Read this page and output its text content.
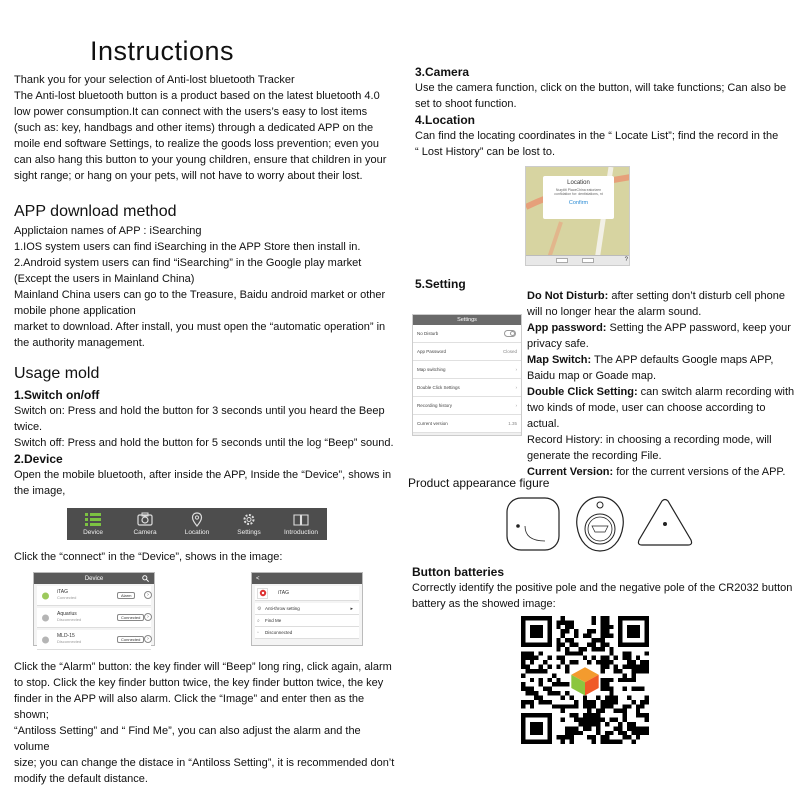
Instructions
Thank you for your selection of Anti-lost bluetooth Tracker
The Anti-lost bluetooth button is a product based on the latest bluetooth 4.0
low power consumption.It can connect with the users’s easy to lost items
(such as: key, handbags and other items) through a dedicated APP on the
moile end software Settings, to realize the goods loss prevention; even you
can also hang this button to your young children, ensure that children in your
sight range; or hang on your pets, will not have to worry about their lost.
APP download method
Applictaion names of APP : iSearching
1.IOS system users can find iSearching in the APP Store then install in.
2.Android system users can find “iSearching” in the Google play market
(Except the users in Mainland China)
Mainland China users can go to the Treasure, Baidu android market or other
mobile phone application
market to download. After install, you must open the “automatic operation” in
the authority management.
Usage mold
1.Switch on/off
Switch on: Press and hold the button for 3 seconds until you heard the Beep
twice.
Switch off: Press and hold the button for 5 seconds until the log “Beep” sound.
2.Device
Open the mobile bluetooth, after inside the APP, Inside the “Device”, shows in
the image,
Device	Camera	Location	Settings	Introduction
Click the “connect” in the “Device”, shows in the image:
Device
iTAG
Connected	Alarm	›
Aquarius
Disconnected	Connected	›
MLD-15
Disconnected	Connected	›
<
iTAG
⚙ Anti-throw setting	▸
⌕ Find Me
▫ Disconnected
Click the “Alarm” button: the key finder will “Beep” long ring, click again, alarm
to stop. Click the key finder button twice, the key finder button twice, the key
finder in the APP will also alarm. Click the “Image” and enter then as the shown;
“Antiloss Setting” and “ Find Me”, you can also adjust the alarm and the volume
size; you can change the distace in “Antiloss Setting”, it is recommended don’t
modify the default distance.
3.Camera
Use the camera function, click on the button, will take functions; Can also be
set to shoot function.
4.Location
Can find the locating coordinates in the “ Locate List”; find the record in the
“ Lost History” can be lost to.
Location
Nurpliti PlaceChina eatorizen confidation for: dentistations, nt
Confirm
?
5.Setting
Settings
No Disturb
App Password	Closed
Map switching	›
Double Click Settings	›
Recording history	›
Current version	1.35

Do Not Disturb: after setting don’t disturb cell phone

will no longer hear the alarm sound.

App password: Setting the APP password, keep your

privacy safe.

Map Switch: The APP defaults Google maps APP,

Baidu map or Goade map.

Double Click Setting: can switch alarm recording with

two kinds of mode, user can choose according to actual.

Record History: in choosing a recording mode, will

generate the recording File.

Current Version: for the current versions of the APP.

Product appearance figure
Button batteries
Correctly identify the positive pole and the negative pole of the CR2032 button
battery as the showed image:
